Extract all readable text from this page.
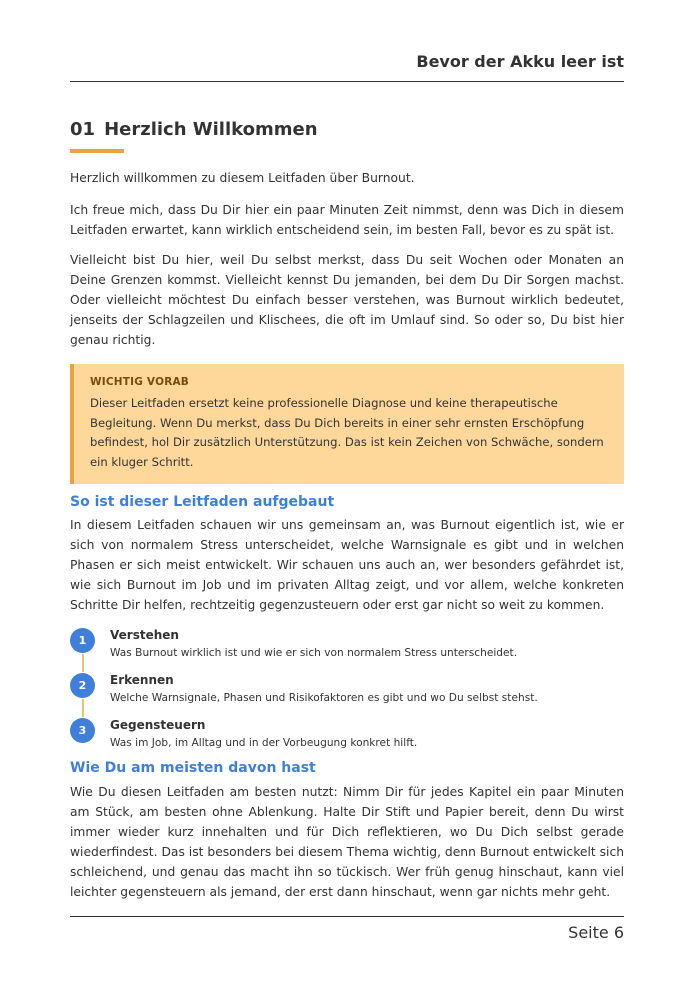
Bevor der Akku leer ist
01 Herzlich Willkommen

Herzlich willkommen zu diesem Leitfaden über Burnout.

Ich freue mich, dass Du Dir hier ein paar Minuten Zeit nimmst, denn was Dich in diesem Leitfaden erwartet, kann wirklich entscheidend sein, im besten Fall, bevor es zu spät ist.

Vielleicht bist Du hier, weil Du selbst merkst, dass Du seit Wochen oder Monaten an Deine Grenzen kommst. Vielleicht kennst Du jemanden, bei dem Du Dir Sorgen machst. Oder vielleicht möchtest Du einfach besser verstehen, was Burnout wirklich bedeutet, jenseits der Schlagzeilen und Klischees, die oft im Umlauf sind. So oder so, Du bist hier genau richtig.

WICHTIG VORAB
Dieser Leitfaden ersetzt keine professionelle Diagnose und keine therapeutische Begleitung. Wenn Du merkst, dass Du Dich bereits in einer sehr ernsten Erschöpfung befindest, hol Dir zusätzlich Unterstützung. Das ist kein Zeichen von Schwäche, sondern ein kluger Schritt.
So ist dieser Leitfaden aufgebaut

In diesem Leitfaden schauen wir uns gemeinsam an, was Burnout eigentlich ist, wie er sich von normalem Stress unterscheidet, welche Warnsignale es gibt und in welchen Phasen er sich meist entwickelt. Wir schauen uns auch an, wer besonders gefährdet ist, wie sich Burnout im Job und im privaten Alltag zeigt, und vor allem, welche konkreten Schritte Dir helfen, rechtzeitig gegenzusteuern oder erst gar nicht so weit zu kommen.

1	Verstehen
Was Burnout wirklich ist und wie er sich von normalem Stress unterscheidet.
2	Erkennen
Welche Warnsignale, Phasen und Risikofaktoren es gibt und wo Du selbst stehst.
3	Gegensteuern
Was im Job, im Alltag und in der Vorbeugung konkret hilft.
Wie Du am meisten davon hast

Wie Du diesen Leitfaden am besten nutzt: Nimm Dir für jedes Kapitel ein paar Minuten am Stück, am besten ohne Ablenkung. Halte Dir Stift und Papier bereit, denn Du wirst immer wieder kurz innehalten und für Dich reflektieren, wo Du Dich selbst gerade wiederfindest. Das ist besonders bei diesem Thema wichtig, denn Burnout entwickelt sich schleichend, und genau das macht ihn so tückisch. Wer früh genug hinschaut, kann viel leichter gegensteuern als jemand, der erst dann hinschaut, wenn gar nichts mehr geht.

Seite 6
